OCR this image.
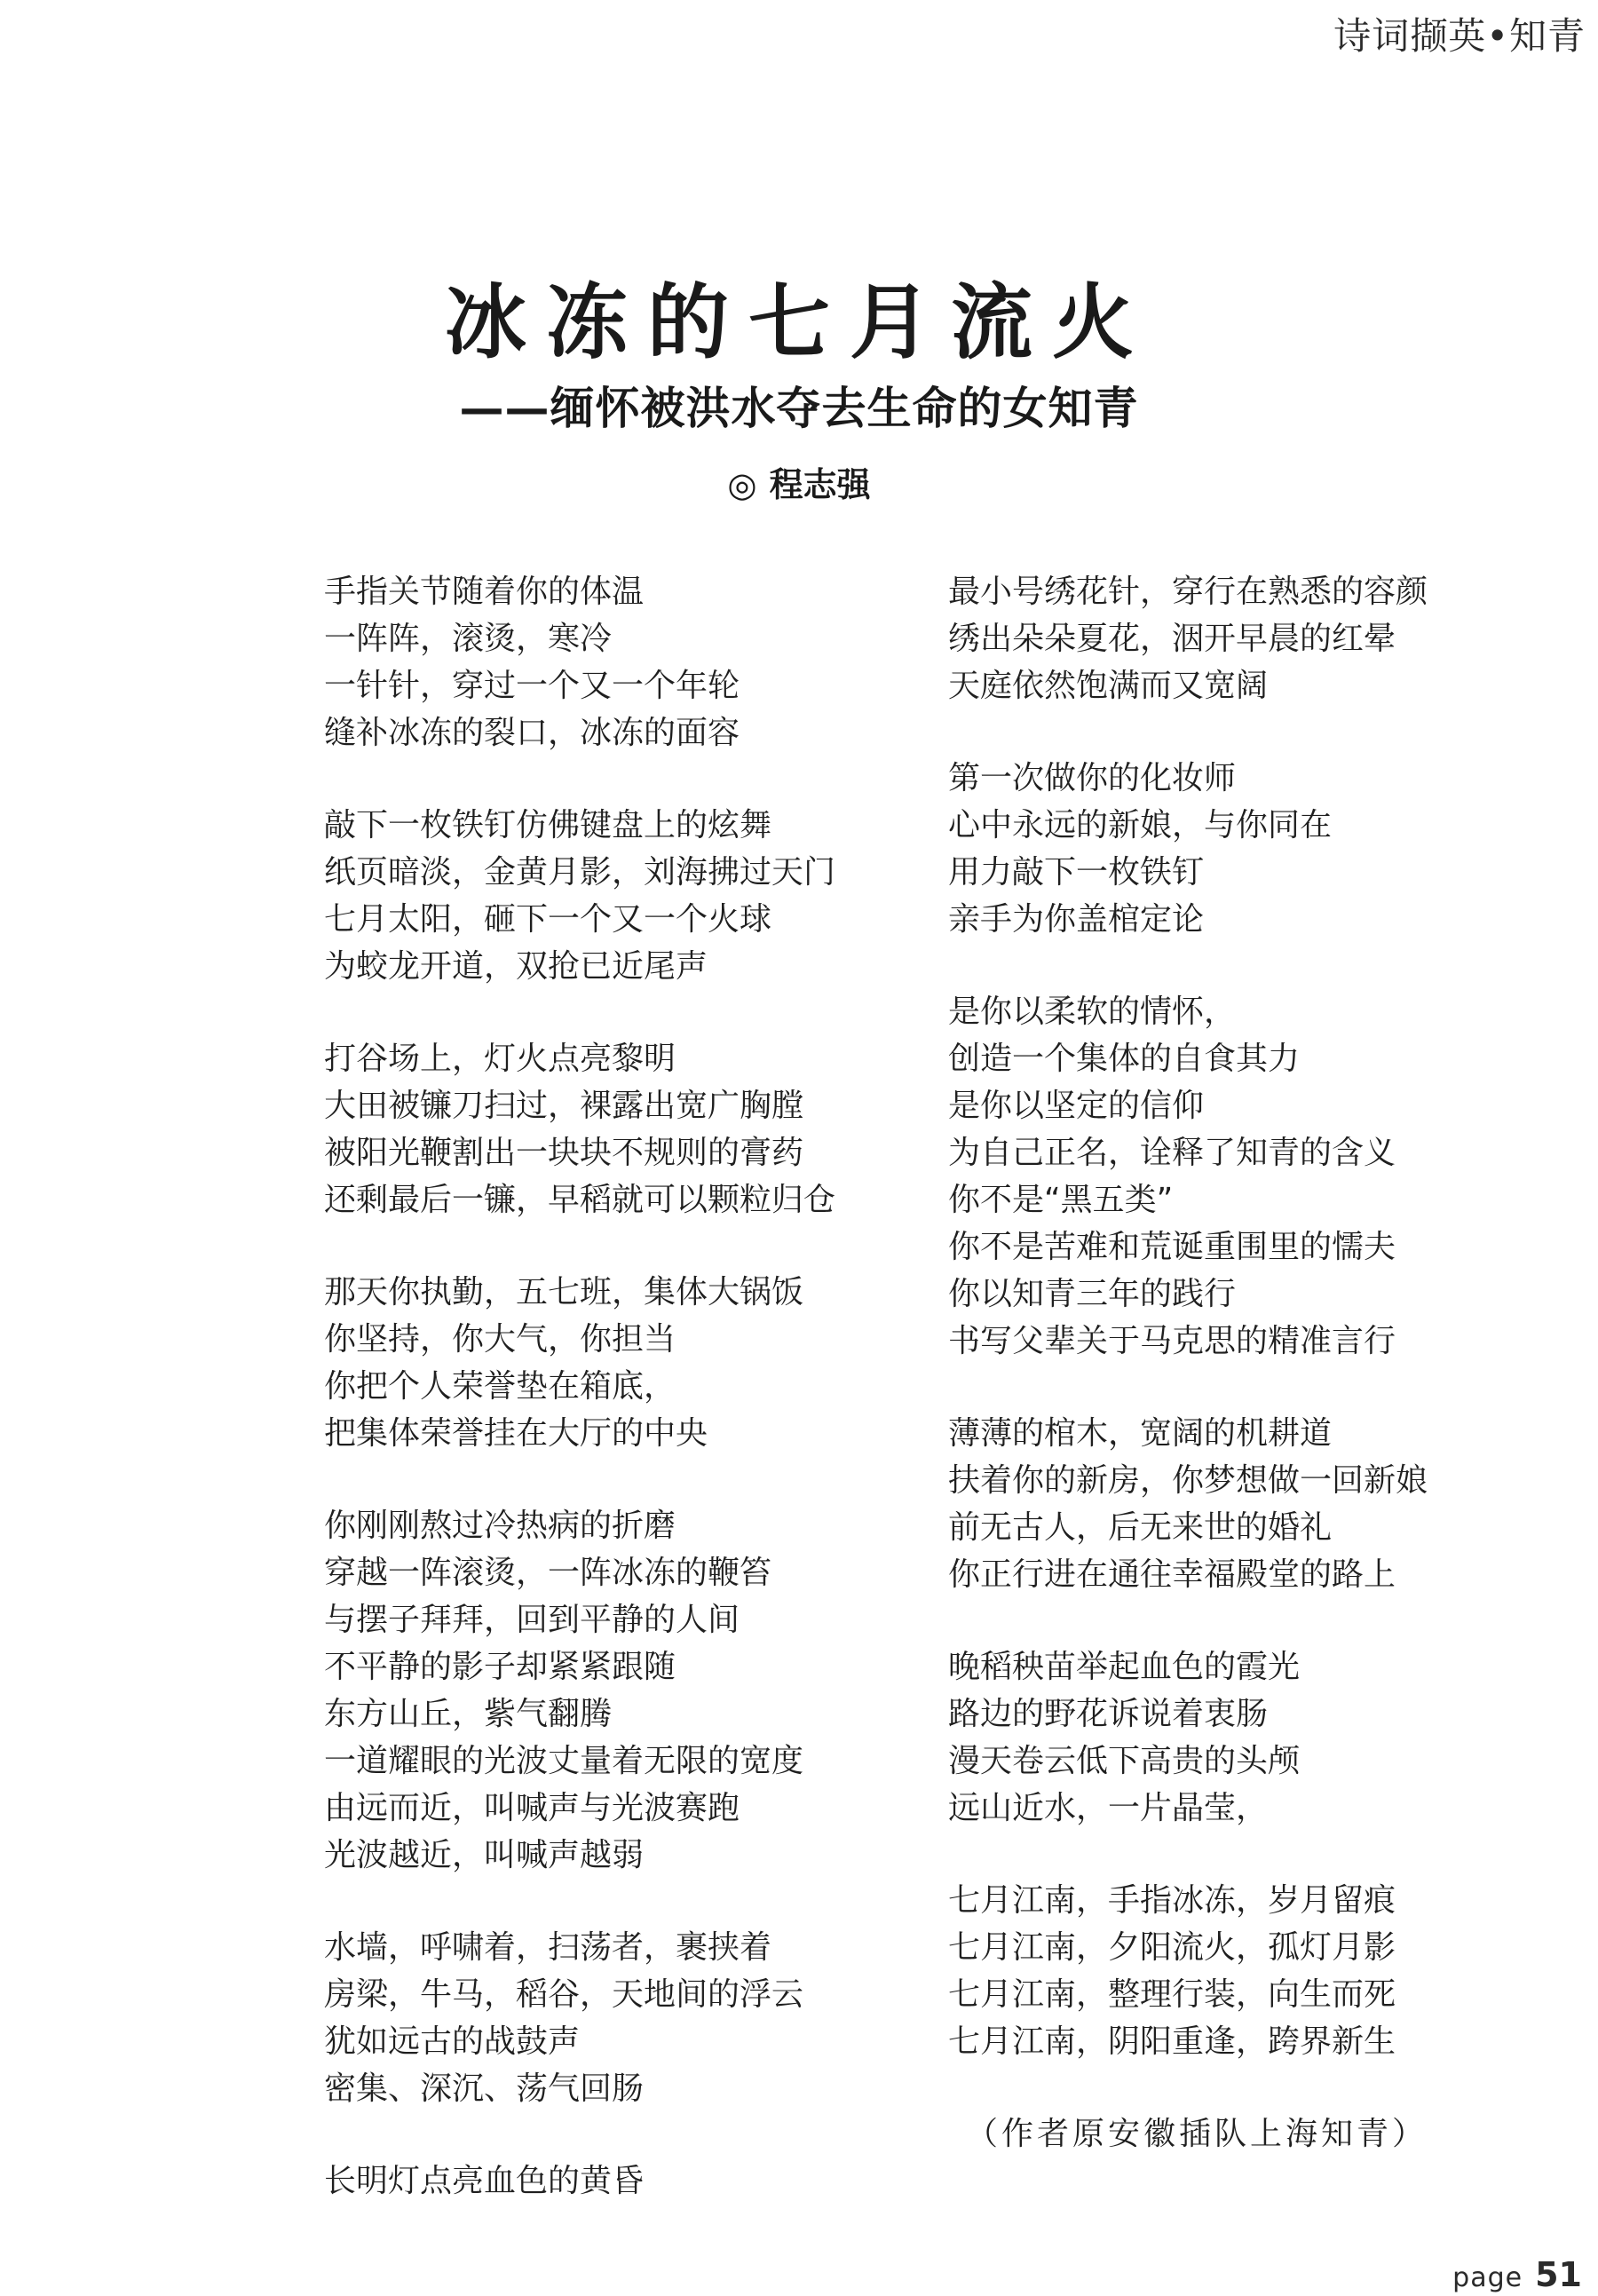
诗词撷英•知青
冰冻的七月流火
——缅怀被洪水夺去生命的女知青
◎ 程志强
手指关节随着你的体温
一阵阵，滚烫，寒冷
一针针，穿过一个又一个年轮
缝补冰冻的裂口，冰冻的面容
敲下一枚铁钉仿佛键盘上的炫舞
纸页暗淡，金黄月影，刘海拂过天门
七月太阳，砸下一个又一个火球
为蛟龙开道，双抢已近尾声
打谷场上，灯火点亮黎明
大田被镰刀扫过，裸露出宽广胸膛
被阳光鞭割出一块块不规则的膏药
还剩最后一镰，早稻就可以颗粒归仓
那天你执勤，五七班，集体大锅饭
你坚持，你大气，你担当
你把个人荣誉垫在箱底，
把集体荣誉挂在大厅的中央
你刚刚熬过冷热病的折磨
穿越一阵滚烫，一阵冰冻的鞭笞
与摆子拜拜，回到平静的人间
不平静的影子却紧紧跟随
东方山丘，紫气翻腾
一道耀眼的光波丈量着无限的宽度
由远而近，叫喊声与光波赛跑
光波越近，叫喊声越弱
水墙，呼啸着，扫荡者，裹挟着
房梁，牛马，稻谷，天地间的浮云
犹如远古的战鼓声
密集、深沉、荡气回肠
长明灯点亮血色的黄昏
最小号绣花针，穿行在熟悉的容颜
绣出朵朵夏花，洇开早晨的红晕
天庭依然饱满而又宽阔
第一次做你的化妆师
心中永远的新娘，与你同在
用力敲下一枚铁钉
亲手为你盖棺定论
是你以柔软的情怀，
创造一个集体的自食其力
是你以坚定的信仰
为自己正名，诠释了知青的含义
你不是“黑五类”
你不是苦难和荒诞重围里的懦夫
你以知青三年的践行
书写父辈关于马克思的精准言行
薄薄的棺木，宽阔的机耕道
扶着你的新房，你梦想做一回新娘
前无古人，后无来世的婚礼
你正行进在通往幸福殿堂的路上
晚稻秧苗举起血色的霞光
路边的野花诉说着衷肠
漫天卷云低下高贵的头颅
远山近水，一片晶莹，
七月江南，手指冰冻，岁月留痕
七月江南，夕阳流火，孤灯月影
七月江南，整理行装，向生而死
七月江南，阴阳重逢，跨界新生
（作者原安徽插队上海知青）
page 51
